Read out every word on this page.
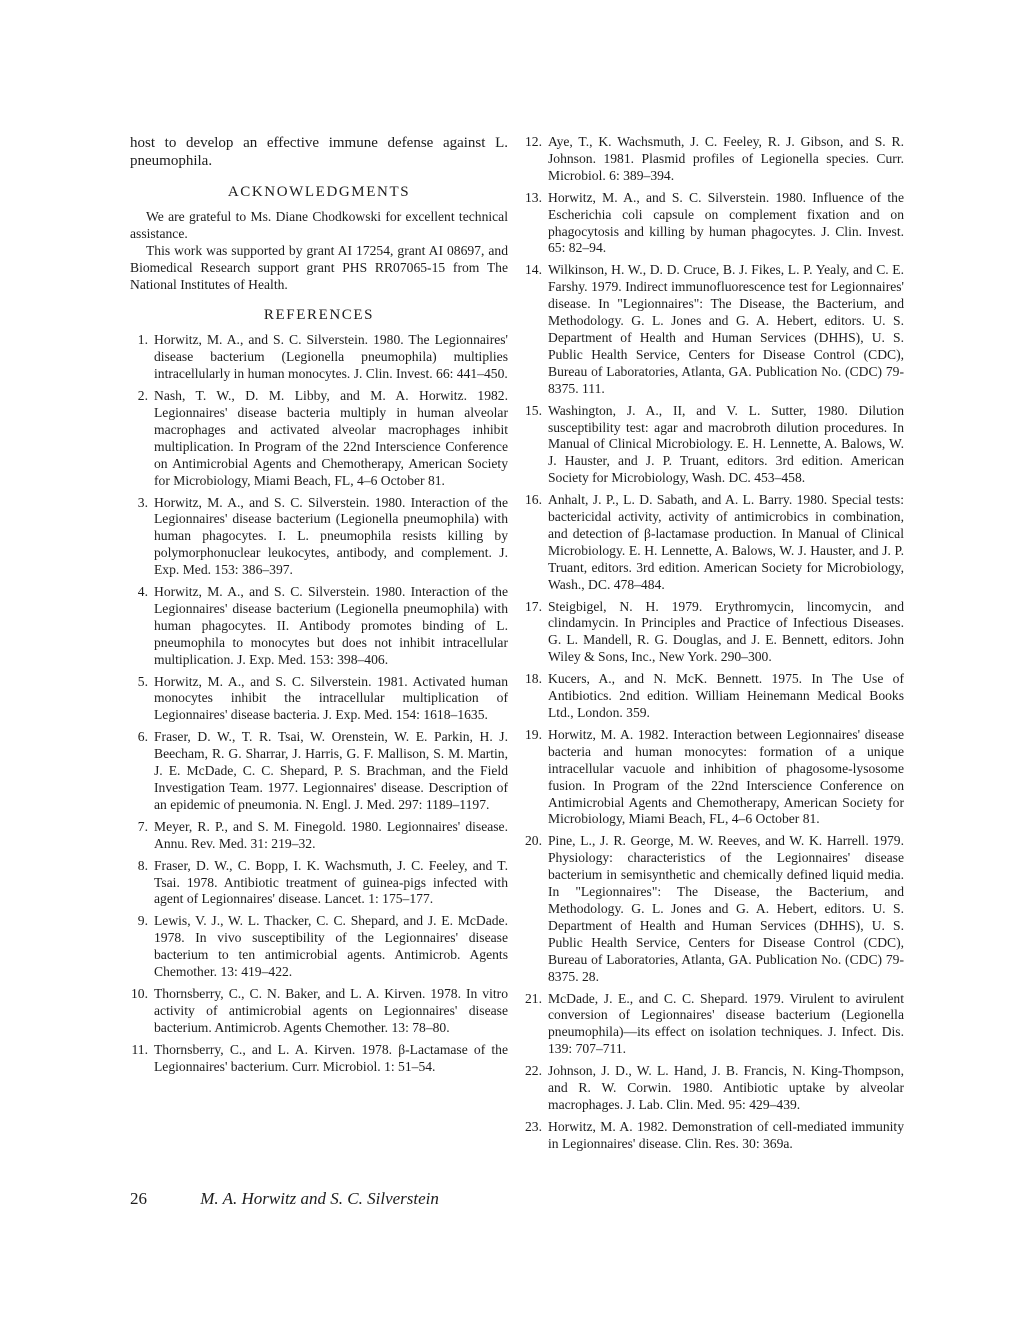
host to develop an effective immune defense against L. pneumophila.

ACKNOWLEDGMENTS

We are grateful to Ms. Diane Chodkowski for excellent technical assistance.

This work was supported by grant AI 17254, grant AI 08697, and Biomedical Research support grant PHS RR07065-15 from The National Institutes of Health.

REFERENCES
1 . Horwitz, M. A., and S. C. Silverstein. 1980. The Legionnaires' disease bacterium (Legionella pneumophila) multiplies intracellularly in human monocytes. J. Clin. Invest. 66: 441–450.
2 . Nash, T. W., D. M. Libby, and M. A. Horwitz. 1982. Legionnaires' disease bacteria multiply in human alveolar macrophages and activated alveolar macrophages inhibit multiplication. In Program of the 22nd Interscience Conference on Antimicrobial Agents and Chemotherapy, American Society for Microbiology, Miami Beach, FL, 4–6 October 81.
3 . Horwitz, M. A., and S. C. Silverstein. 1980. Interaction of the Legionnaires' disease bacterium (Legionella pneumophila) with human phagocytes. I. L. pneumophila resists killing by polymorphonuclear leukocytes, antibody, and complement. J. Exp. Med. 153: 386–397.
4 . Horwitz, M. A., and S. C. Silverstein. 1980. Interaction of the Legionnaires' disease bacterium (Legionella pneumophila) with human phagocytes. II. Antibody promotes binding of L. pneumophila to monocytes but does not inhibit intracellular multiplication. J. Exp. Med. 153: 398–406.
5 . Horwitz, M. A., and S. C. Silverstein. 1981. Activated human monocytes inhibit the intracellular multiplication of Legionnaires' disease bacteria. J. Exp. Med. 154: 1618–1635.
6 . Fraser, D. W., T. R. Tsai, W. Orenstein, W. E. Parkin, H. J. Beecham, R. G. Sharrar, J. Harris, G. F. Mallison, S. M. Martin, J. E. McDade, C. C. Shepard, P. S. Brachman, and the Field Investigation Team. 1977. Legionnaires' disease. Description of an epidemic of pneumonia. N. Engl. J. Med. 297: 1189–1197.
7 . Meyer, R. P., and S. M. Finegold. 1980. Legionnaires' disease. Annu. Rev. Med. 31: 219–32.
8 . Fraser, D. W., C. Bopp, I. K. Wachsmuth, J. C. Feeley, and T. Tsai. 1978. Antibiotic treatment of guinea-pigs infected with agent of Legionnaires' disease. Lancet. 1: 175–177.
9 . Lewis, V. J., W. L. Thacker, C. C. Shepard, and J. E. McDade. 1978. In vivo susceptibility of the Legionnaires' disease bacterium to ten antimicrobial agents. Antimicrob. Agents Chemother. 13: 419–422.
10 . Thornsberry, C., C. N. Baker, and L. A. Kirven. 1978. In vitro activity of antimicrobial agents on Legionnaires' disease bacterium. Antimicrob. Agents Chemother. 13: 78–80.
11 . Thornsberry, C., and L. A. Kirven. 1978. β-Lactamase of the Legionnaires' bacterium. Curr. Microbiol. 1: 51–54.
12 . Aye, T., K. Wachsmuth, J. C. Feeley, R. J. Gibson, and S. R. Johnson. 1981. Plasmid profiles of Legionella species. Curr. Microbiol. 6: 389–394.
13 . Horwitz, M. A., and S. C. Silverstein. 1980. Influence of the Escherichia coli capsule on complement fixation and on phagocytosis and killing by human phagocytes. J. Clin. Invest. 65: 82–94.
14 . Wilkinson, H. W., D. D. Cruce, B. J. Fikes, L. P. Yealy, and C. E. Farshy. 1979. Indirect immunofluorescence test for Legionnaires' disease. In "Legionnaires": The Disease, the Bacterium, and Methodology. G. L. Jones and G. A. Hebert, editors. U. S. Department of Health and Human Services (DHHS), U. S. Public Health Service, Centers for Disease Control (CDC), Bureau of Laboratories, Atlanta, GA. Publication No. (CDC) 79-8375. 111.
15 . Washington, J. A., II, and V. L. Sutter, 1980. Dilution susceptibility test: agar and macrobroth dilution procedures. In Manual of Clinical Microbiology. E. H. Lennette, A. Balows, W. J. Hauster, and J. P. Truant, editors. 3rd edition. American Society for Microbiology, Wash. DC. 453–458.
16 . Anhalt, J. P., L. D. Sabath, and A. L. Barry. 1980. Special tests: bactericidal activity, activity of antimicrobics in combination, and detection of β-lactamase production. In Manual of Clinical Microbiology. E. H. Lennette, A. Balows, W. J. Hauster, and J. P. Truant, editors. 3rd edition. American Society for Microbiology, Wash., DC. 478–484.
17 . Steigbigel, N. H. 1979. Erythromycin, lincomycin, and clindamycin. In Principles and Practice of Infectious Diseases. G. L. Mandell, R. G. Douglas, and J. E. Bennett, editors. John Wiley & Sons, Inc., New York. 290–300.
18 . Kucers, A., and N. McK. Bennett. 1975. In The Use of Antibiotics. 2nd edition. William Heinemann Medical Books Ltd., London. 359.
19 . Horwitz, M. A. 1982. Interaction between Legionnaires' disease bacteria and human monocytes: formation of a unique intracellular vacuole and inhibition of phagosome-lysosome fusion. In Program of the 22nd Interscience Conference on Antimicrobial Agents and Chemotherapy, American Society for Microbiology, Miami Beach, FL, 4–6 October 81.
20 . Pine, L., J. R. George, M. W. Reeves, and W. K. Harrell. 1979. Physiology: characteristics of the Legionnaires' disease bacterium in semisynthetic and chemically defined liquid media. In "Legionnaires": The Disease, the Bacterium, and Methodology. G. L. Jones and G. A. Hebert, editors. U. S. Department of Health and Human Services (DHHS), U. S. Public Health Service, Centers for Disease Control (CDC), Bureau of Laboratories, Atlanta, GA. Publication No. (CDC) 79-8375. 28.
21 . McDade, J. E., and C. C. Shepard. 1979. Virulent to avirulent conversion of Legionnaires' disease bacterium (Legionella pneumophila)—its effect on isolation techniques. J. Infect. Dis. 139: 707–711.
22 . Johnson, J. D., W. L. Hand, J. B. Francis, N. King-Thompson, and R. W. Corwin. 1980. Antibiotic uptake by alveolar macrophages. J. Lab. Clin. Med. 95: 429–439.
23 . Horwitz, M. A. 1982. Demonstration of cell-mediated immunity in Legionnaires' disease. Clin. Res. 30: 369a.
26	M. A. Horwitz and S. C. Silverstein
